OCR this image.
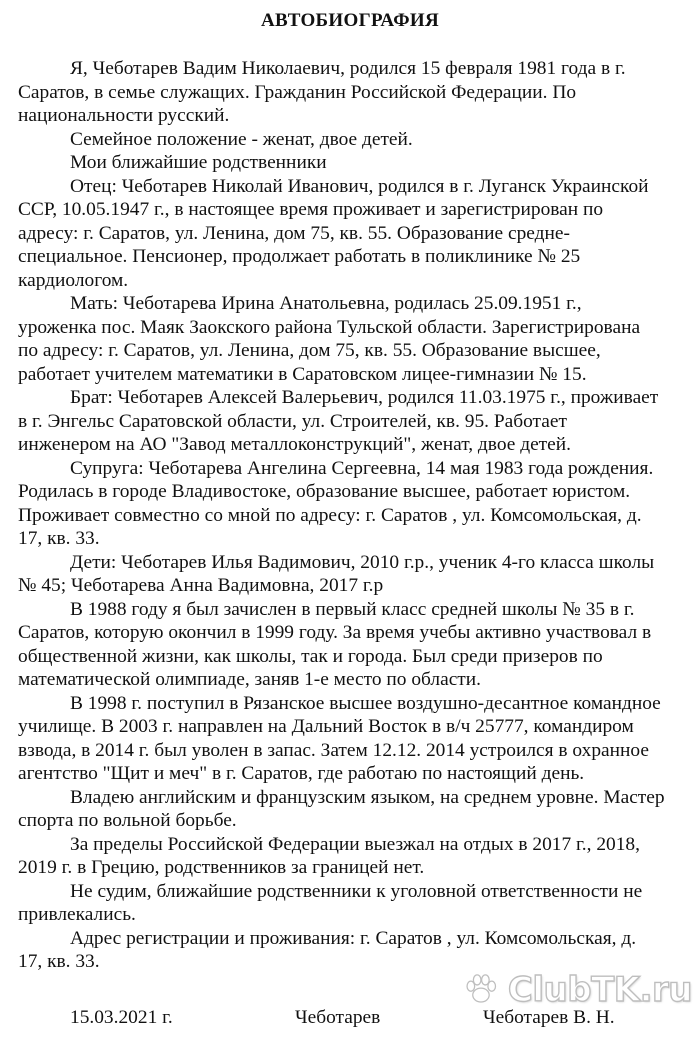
АВТОБИОГРАФИЯ

Я, Чеботарев Вадим Николаевич, родился 15 февраля 1981 года в г.
Саратов, в семье служащих. Гражданин Российской Федерации. По
национальности русский.

Семейное положение - женат, двое детей.

Мои ближайшие родственники

Отец: Чеботарев Николай Иванович, родился в г. Луганск Украинской
ССР, 10.05.1947 г., в настоящее время проживает и зарегистрирован по
адресу: г. Саратов, ул. Ленина, дом 75, кв. 55. Образование средне-
специальное. Пенсионер, продолжает работать в поликлинике № 25
кардиологом.

Мать: Чеботарева Ирина Анатольевна, родилась 25.09.1951 г.,
уроженка пос. Маяк Заокского района Тульской области. Зарегистрирована
по адресу: г. Саратов, ул. Ленина, дом 75, кв. 55. Образование высшее,
работает учителем математики в Саратовском лицее-гимназии № 15.

Брат: Чеботарев Алексей Валерьевич, родился 11.03.1975 г., проживает
в г. Энгельс Саратовской области, ул. Строителей, кв. 95. Работает
инженером на АО "Завод металлоконструкций", женат, двое детей.

Супруга: Чеботарева Ангелина Сергеевна, 14 мая 1983 года рождения.
Родилась в городе Владивостоке, образование высшее, работает юристом.
Проживает совместно со мной по адресу: г. Саратов , ул. Комсомольская, д.
17, кв. 33.

Дети: Чеботарев Илья Вадимович, 2010 г.р., ученик 4-го класса школы
№ 45; Чеботарева Анна Вадимовна, 2017 г.р

В 1988 году я был зачислен в первый класс средней школы № 35 в г.
Саратов, которую окончил в 1999 году. За время учебы активно участвовал в
общественной жизни, как школы, так и города. Был среди призеров по
математической олимпиаде, заняв 1-е место по области.

В 1998 г. поступил в Рязанское высшее воздушно-десантное командное
училище. В 2003 г. направлен на Дальний Восток в в/ч 25777, командиром
взвода, в 2014 г. был уволен в запас. Затем 12.12. 2014 устроился в охранное
агентство "Щит и меч" в г. Саратов, где работаю по настоящий день.

Владею английским и французским языком, на среднем уровне. Мастер
спорта по вольной борьбе.

За пределы Российской Федерации выезжал на отдых в 2017 г., 2018,
2019 г. в Грецию, родственников за границей нет.

Не судим, ближайшие родственники к уголовной ответственности не
привлекались.

Адрес регистрации и проживания: г. Саратов , ул. Комсомольская, д.
17, кв. 33.

15.03.2021 г.	Чеботарев	Чеботарев В. Н.
ClubTK.ru
